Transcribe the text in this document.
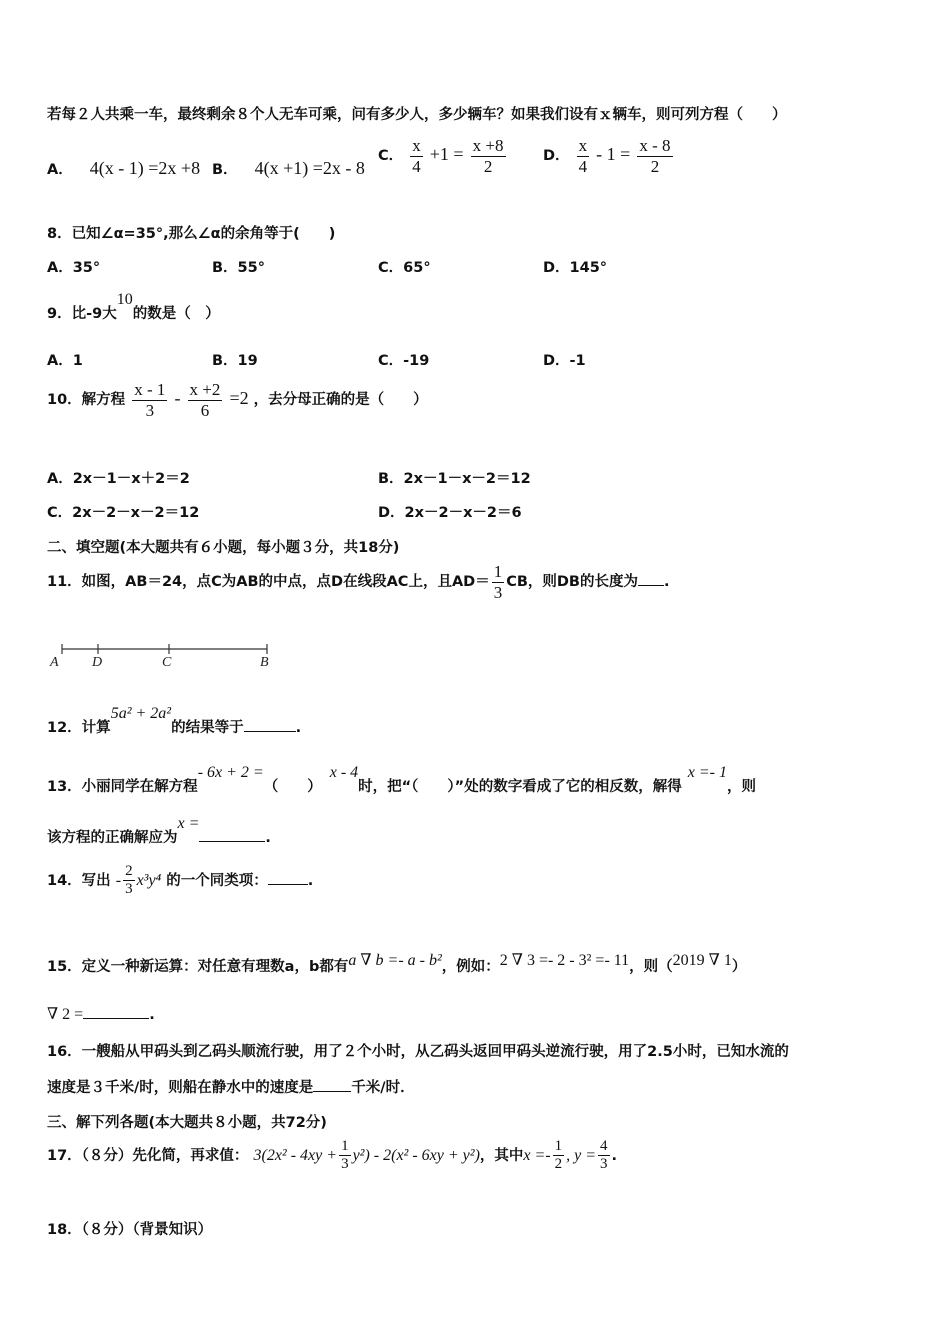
若每２人共乘一车，最终剩余８个人无车可乘，问有多少人，多少辆车？如果我们设有ｘ辆车，则可列方程（　　）
A． 4(x - 1) =2x +8 B． 4(x +1) =2x - 8
C． $\frac{x}{4} +1 = \frac{x +8}{2}$	D． $\frac{x}{4} - 1 = \frac{x - 8}{2}$
8．已知∠α=35°,那么∠α的余角等于(　　)
A．35°	B．55°	C．65°	D．145°
9．比-9大10的数是（　）
A．1	B．19	C．-19	D．-1
10．解方程 $\frac{x - 1}{3} - \frac{x +2}{6} =2$ ，去分母正确的是（　　）
A．2x－1－x＋2＝2	B．2x－1－x－2＝12
C．2x－2－x－2＝12	D．2x－2－x－2＝6
二、填空题(本大题共有６小题，每小题３分，共18分)
11．如图，AB＝24，点C为AB的中点，点D在线段AC上，且$AD= \frac{1}{3}$ CB，则DB的长度为 .
A D	C	B
12．计算5a² + 2a²的结果等于	.
13．小丽同学在解方程- 6x + 2 =（　　）x - 4时，把“（　　）”处的数字看成了它的相反数，解得x =- 1，则
该方程的正确解应为x =.
14．写出 - $\frac{2}{3} x^3y^4$ 的一个同类项：	.
15．定义一种新运算：对任意有理数a，b都有a ∇ b =- a - b²，例如：2 ∇ 3 =- 2 - 3² =- 11，则（2019 ∇ 1）
∇ 2 =	.
16．一艘船从甲码头到乙码头顺流行驶，用了２个小时，从乙码头返回甲码头逆流行驶，用了2.5小时，已知水流的
速度是３千米/时，则船在静水中的速度是	千米/时．
三、解下列各题(本大题共８小题，共72分)
17．（８分）先化简，再求值： $3(2x^2 - 4xy + \frac{1}{3} y^2) - 2(x^2 - 6xy + y^2)$，其中$x =- \frac{1}{2}$ , $y = \frac{4}{3}$ .
18．（８分）（背景知识）
